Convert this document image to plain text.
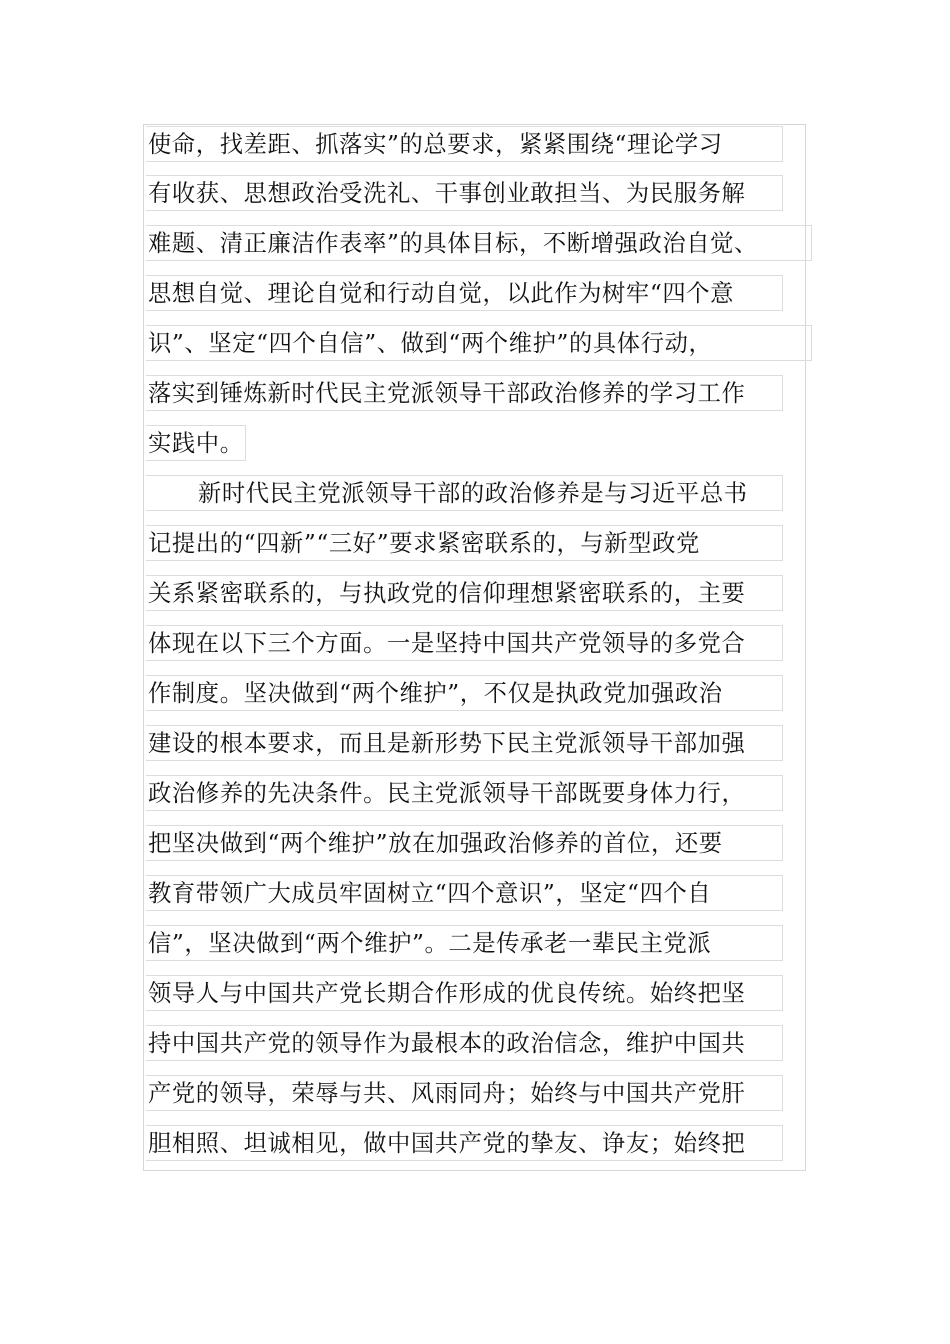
使命，找差距、抓落实”的总要求，紧紧围绕“理论学习
有收获、思想政治受洗礼、干事创业敢担当、为民服务解
难题、清正廉洁作表率”的具体目标，不断增强政治自觉、
思想自觉、理论自觉和行动自觉，以此作为树牢“四个意
识”、坚定“四个自信”、做到“两个维护”的具体行动，
落实到锤炼新时代民主党派领导干部政治修养的学习工作
实践中。
新时代民主党派领导干部的政治修养是与习近平总书
记提出的“四新”“三好”要求紧密联系的，与新型政党
关系紧密联系的，与执政党的信仰理想紧密联系的，主要
体现在以下三个方面。一是坚持中国共产党领导的多党合
作制度。坚决做到“两个维护”，不仅是执政党加强政治
建设的根本要求，而且是新形势下民主党派领导干部加强
政治修养的先决条件。民主党派领导干部既要身体力行，
把坚决做到“两个维护”放在加强政治修养的首位，还要
教育带领广大成员牢固树立“四个意识”，坚定“四个自
信”，坚决做到“两个维护”。二是传承老一辈民主党派
领导人与中国共产党长期合作形成的优良传统。始终把坚
持中国共产党的领导作为最根本的政治信念，维护中国共
产党的领导，荣辱与共、风雨同舟；始终与中国共产党肝
胆相照、坦诚相见，做中国共产党的挚友、诤友；始终把
